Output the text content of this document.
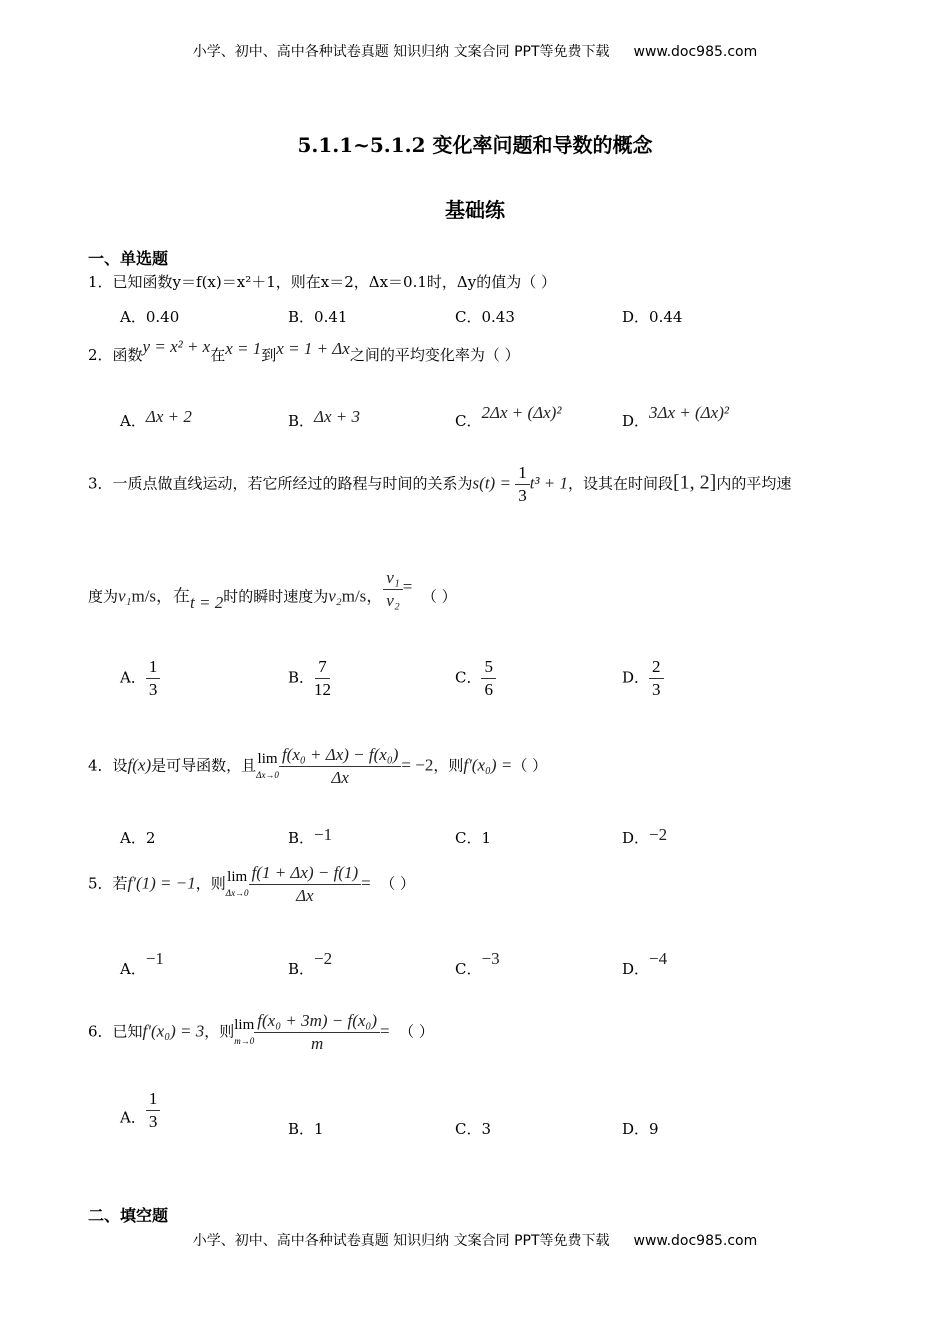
小学、初中、高中各种试卷真题 知识归纳 文案合同 PPT等免费下载 www.doc985.com
5.1.1~5.1.2 变化率问题和导数的概念
基础练
一、单选题
1．已知函数y＝f(x)＝x²＋1，则在x＝2，Δx＝0.1时，Δy的值为（ ）
A．0.40	B．0.41	C．0.43	D．0.44
2．函数y = x² + x在x = 1到x = 1 + Δx之间的平均变化率为（ ）
A．Δx + 2	B．Δx + 3	C．2Δx + (Δx)²	D．3Δx + (Δx)²
3．一质点做直线运动，若它所经过的路程与时间的关系为$s(t) = \frac{1}{3} t^3 + 1$，设其在时间段[1, 2]内的平均速
度为v₁m/s，在t = 2时的瞬时速度为v₂m/s， $\frac{\text{v₁}}{\text{v₂}}$ =  （ ）
A． $\frac{1}{3}$	B． $\frac{7}{12}$	C． $\frac{5}{6}$	D． $\frac{2}{3}$
4．设f(x)是可导函数，且 lim
$\Delta x\to 0 \frac{\text{f(x₀ + Δx) − f(x₀)}}{\Delta x} = -2$，则f′(x₀) =（ ）
A．2	B．−1	C．1	D．−2
5．若f′(1) = −1，则 lim
$\Delta x\to 0 \frac{f(1 + \Delta x) - f(1)}{\Delta x}$ = （ ）
A．−1
B．−2
C．−3
D．−4
6．已知f′(x₀) = 3，则 lim
$m\to 0 \frac{\text{f(x₀ + 3m) − f(x₀)}}{m}$ = （ ）
A． $\frac{1}{3}$	B．1	C．3	D．9
二、填空题
小学、初中、高中各种试卷真题 知识归纳 文案合同 PPT等免费下载 www.doc985.com
